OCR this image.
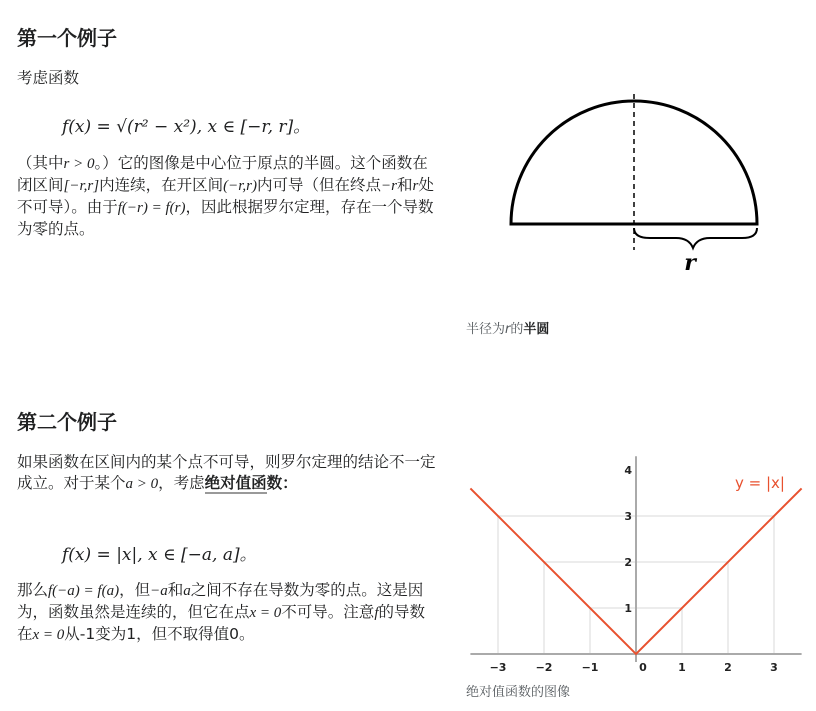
第一个例子
考虑函数
f(x) = √(r² − x²), x ∈ [−r, r]。
（其中r > 0。）它的图像是中心位于原点的半圆。这个函数在闭区间[−r,r]内连续，在开区间(−r,r)内可导（但在终点−r和r处不可导）。由于f(−r) = f(r)，因此根据罗尔定理，存在一个导数为零的点。
r
半径为r的半圆
第二个例子
如果函数在区间内的某个点不可导，则罗尔定理的结论不一定成立。对于某个a > 0，考虑绝对值函数：
f(x) = |x|, x ∈ [−a, a]。
那么f(−a) = f(a)，但−a和a之间不存在导数为零的点。这是因为，函数虽然是连续的，但它在点x = 0不可导。注意f的导数在x = 0从-1变为1，但不取得值0。
−3	−2	−1	0	1	2	3
1
2
3
4
y = |x|
绝对值函数的图像
